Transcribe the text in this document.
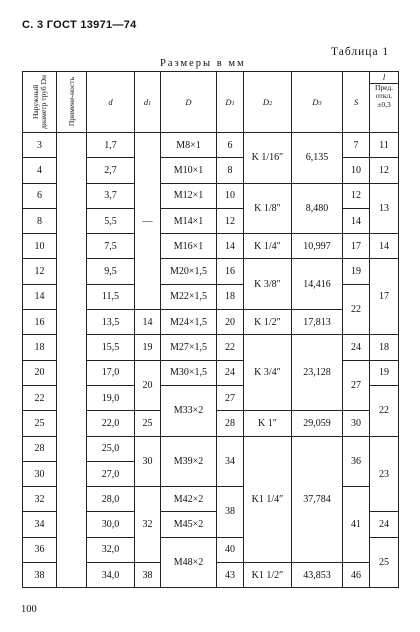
С. 3 ГОСТ 13971—74
Таблица 1
Размеры в мм
Наружный диаметр труб Dн	Примене-ность	d	d1	D	D1	D2	D3	S	l
Пред. откл. ±0,3

3		1,7	—	M8×1	6	K 1/16″	6,135	7	11
4		2,7		M10×1	8			10	12
6		3,7		M12×1	10	K 1/8″	8,480	12	13
8		5,5		M14×1	12			14	
10		7,5		M16×1	14	K 1/4″	10,997	17	14
12		9,5		M20×1,5	16	K 3/8″	14,416	19	17
14		11,5		M22×1,5	18			22	
16		13,5	14	M24×1,5	20	K 1/2″	17,813		
18		15,5	19	M27×1,5	22	K 3/4″	23,128	24	18
20		17,0	20	M30×1,5	24			27	19
22		19,0		M33×2	27				22
25		22,0	25		28	K 1″	29,059	30	
28		25,0	30	M39×2	34	K1 1/4″	37,784	36	23
30		27,0							
32		28,0	32	M42×2	38			41	
34		30,0		M45×2					24
36		32,0		M48×2	40				25
38		34,0	38		43	K1 1/2″	43,853	46	
100
